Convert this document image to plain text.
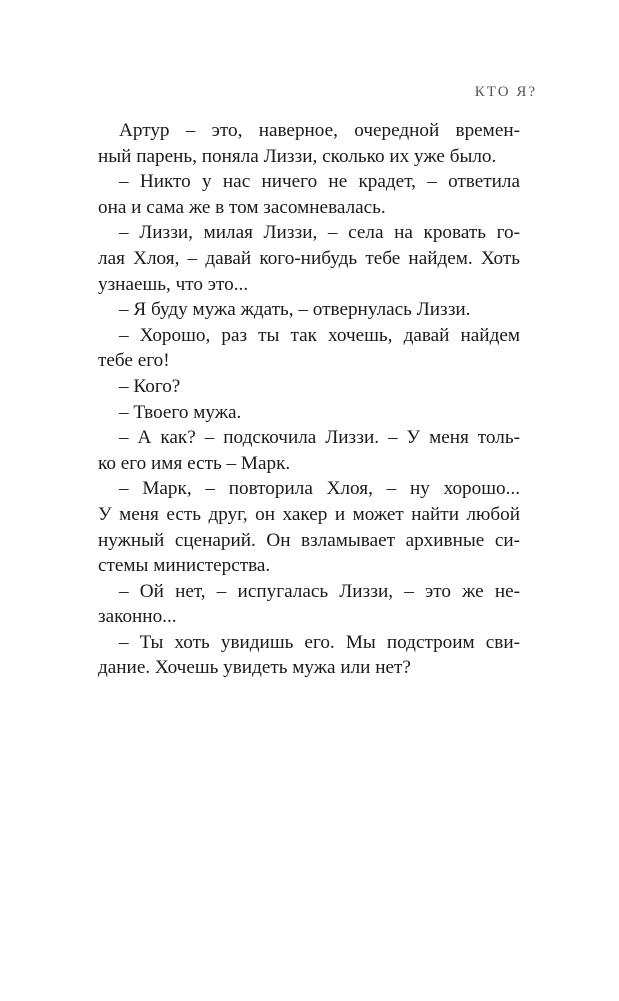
КТО Я?
Артур – это, наверное, очередной времен-
ный парень, поняла Лиззи, сколько их уже было.
– Никто у нас ничего не крадет, – ответила
она и сама же в том засомневалась.
– Лиззи, милая Лиззи, – села на кровать го-
лая Хлоя, – давай кого-нибудь тебе найдем. Хоть
узнаешь, что это...
– Я буду мужа ждать, – отвернулась Лиззи.
– Хорошо, раз ты так хочешь, давай найдем
тебе его!
– Кого?
– Твоего мужа.
– А как? – подскочила Лиззи. – У меня толь-
ко его имя есть – Марк.
– Марк, – повторила Хлоя, – ну хорошо...
У меня есть друг, он хакер и может найти любой
нужный сценарий. Он взламывает архивные си-
стемы министерства.
– Ой нет, – испугалась Лиззи, – это же не-
законно...
– Ты хоть увидишь его. Мы подстроим сви-
дание. Хочешь увидеть мужа или нет?
